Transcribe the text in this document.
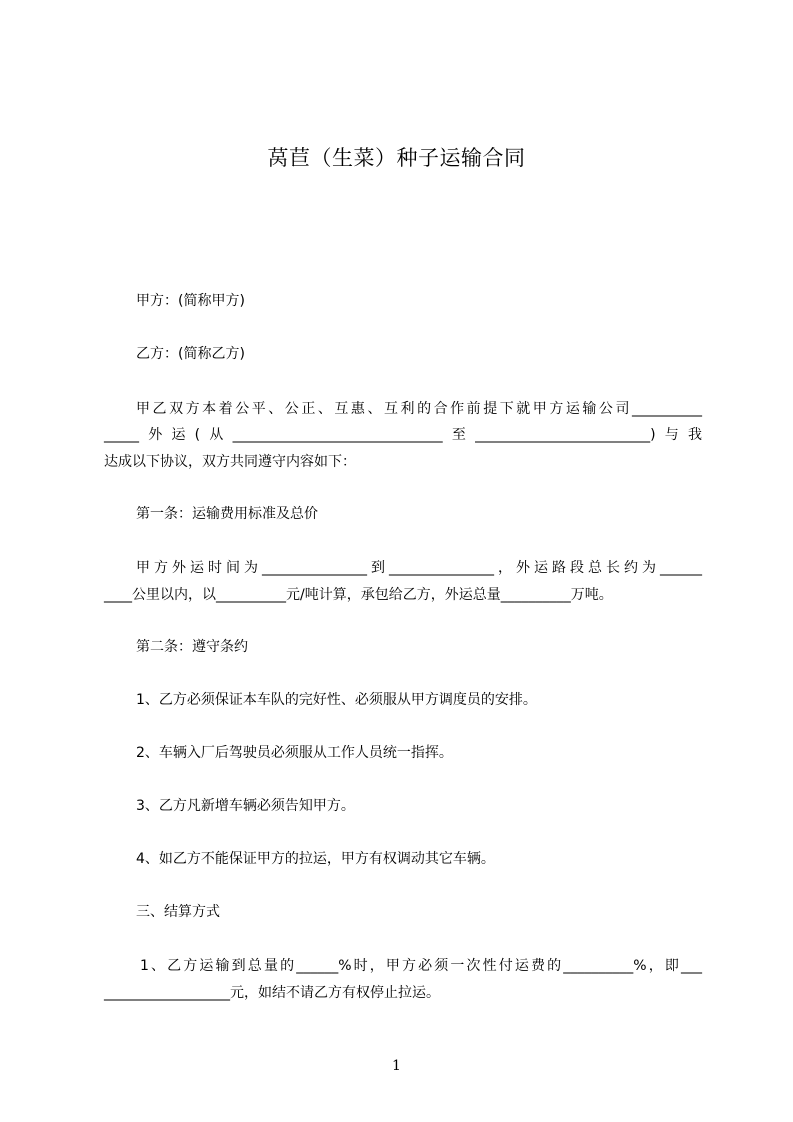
莴苣（生菜）种子运输合同
甲方：(简称甲方)
乙方：(简称乙方)
甲乙双方本着公平、公正、互惠、互利的合作前提下就甲方运输公司__________
_____外运(从______________________________至_________________________)与我
达成以下协议，双方共同遵守内容如下：
第一条：运输费用标准及总价
甲方外运时间为_______________到_______________，外运路段总长约为______
____公里以内，以__________元/吨计算，承包给乙方，外运总量__________万吨。
第二条：遵守条约
1、乙方必须保证本车队的完好性、必须服从甲方调度员的安排。
2、车辆入厂后驾驶员必须服从工作人员统一指挥。
3、乙方凡新增车辆必须告知甲方。
4、如乙方不能保证甲方的拉运，甲方有权调动其它车辆。
三、结算方式
1、乙方运输到总量的______%时，甲方必须一次性付运费的__________%，即___
__________________元，如结不请乙方有权停止拉运。
1
